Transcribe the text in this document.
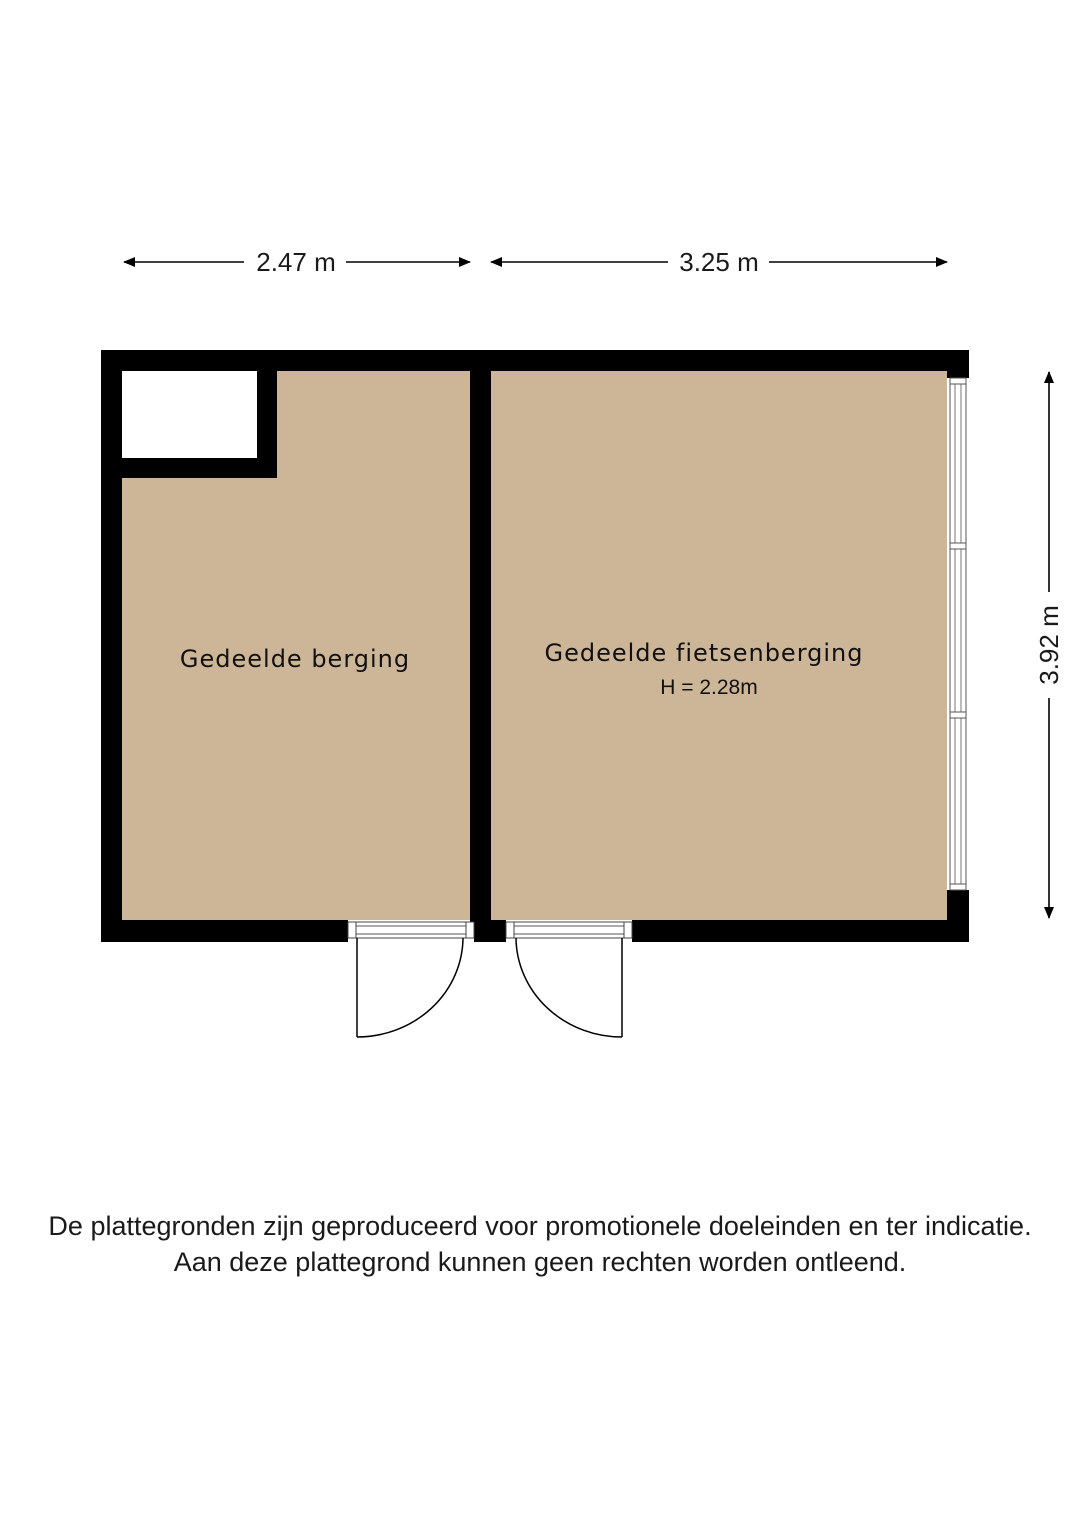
2.47 m	3.25 m
3.92 m
Gedeelde berging	Gedeelde fietsenberging
H = 2.28m
De plattegronden zijn geproduceerd voor promotionele doeleinden en ter indicatie.
Aan deze plattegrond kunnen geen rechten worden ontleend.
